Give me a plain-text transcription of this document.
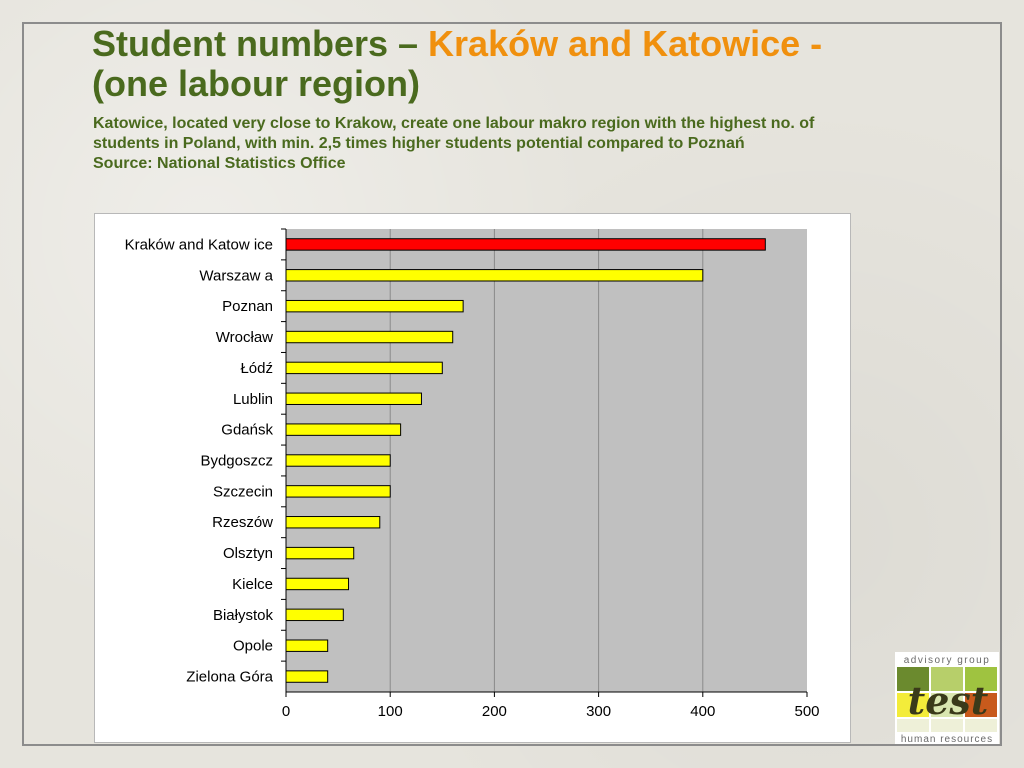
Student numbers – Kraków and Katowice -
(one labour region)
Katowice, located very close to Krakow, create one labour makro region with the highest no. of
students in Poland, with min. 2,5 times higher students potential compared to Poznań
Source: National Statistics Office
0	100	200	300	400	500
Kraków and Katow ice
Warszaw a
Poznan
Wrocław
Łódź
Lublin
Gdańsk
Bydgoszcz
Szczecin
Rzeszów
Olsztyn
Kielce
Białystok
Opole
Zielona Góra
advisory group
test
human resources
